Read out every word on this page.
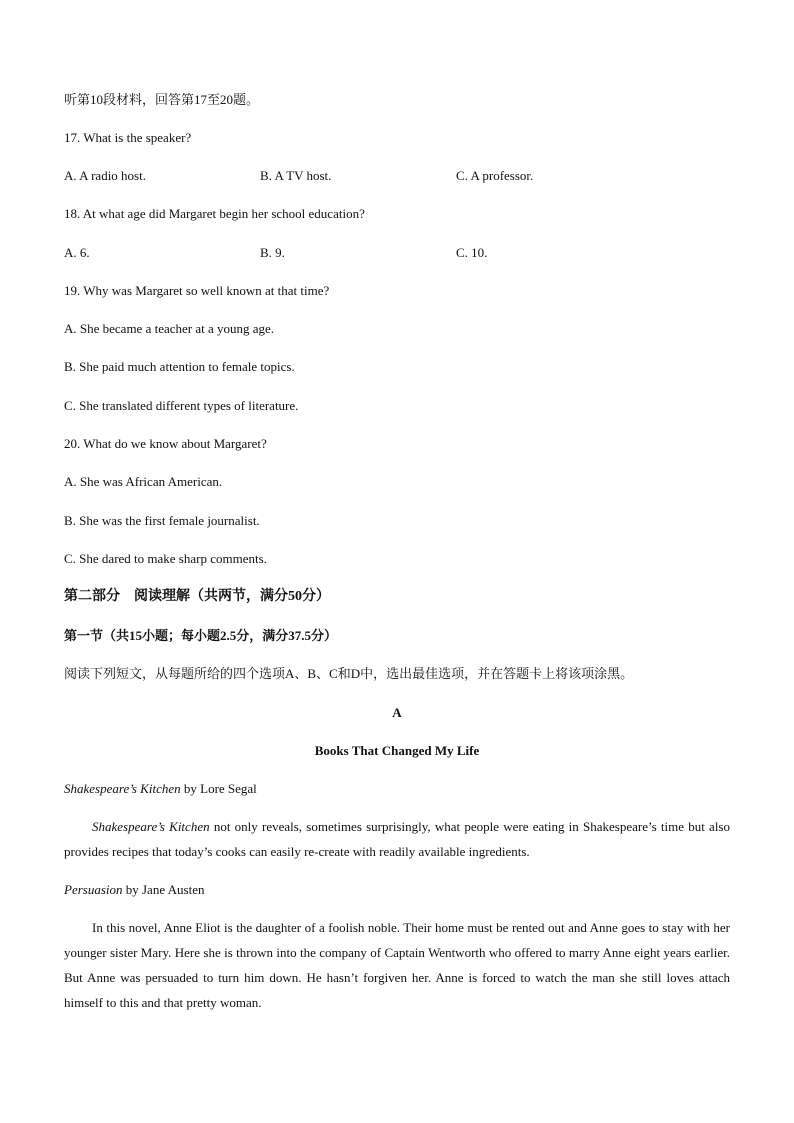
听第10段材料，回答第17至20题。
17. What is the speaker?
A. A radio host.	B. A TV host.	C. A professor.
18. At what age did Margaret begin her school education?
A. 6.	B. 9.	C. 10.
19. Why was Margaret so well known at that time?
A. She became a teacher at a young age.
B. She paid much attention to female topics.
C. She translated different types of literature.
20. What do we know about Margaret?
A. She was African American.
B. She was the first female journalist.
C. She dared to make sharp comments.
第二部分　阅读理解（共两节，满分50分）
第一节（共15小题；每小题2.5分，满分37.5分）
阅读下列短文，从每题所给的四个选项A、B、C和D中，选出最佳选项，并在答题卡上将该项涂黑。
A
Books That Changed My Life
Shakespeare’s Kitchen by Lore Segal
Shakespeare’s Kitchen not only reveals, sometimes surprisingly, what people were eating in Shakespeare’s time but also provides recipes that today’s cooks can easily re-create with readily available ingredients.
Persuasion by Jane Austen
In this novel, Anne Eliot is the daughter of a foolish noble. Their home must be rented out and Anne goes to stay with her younger sister Mary. Here she is thrown into the company of Captain Wentworth who offered to marry Anne eight years earlier. But Anne was persuaded to turn him down. He hasn’t forgiven her. Anne is forced to watch the man she still loves attach himself to this and that pretty woman.
